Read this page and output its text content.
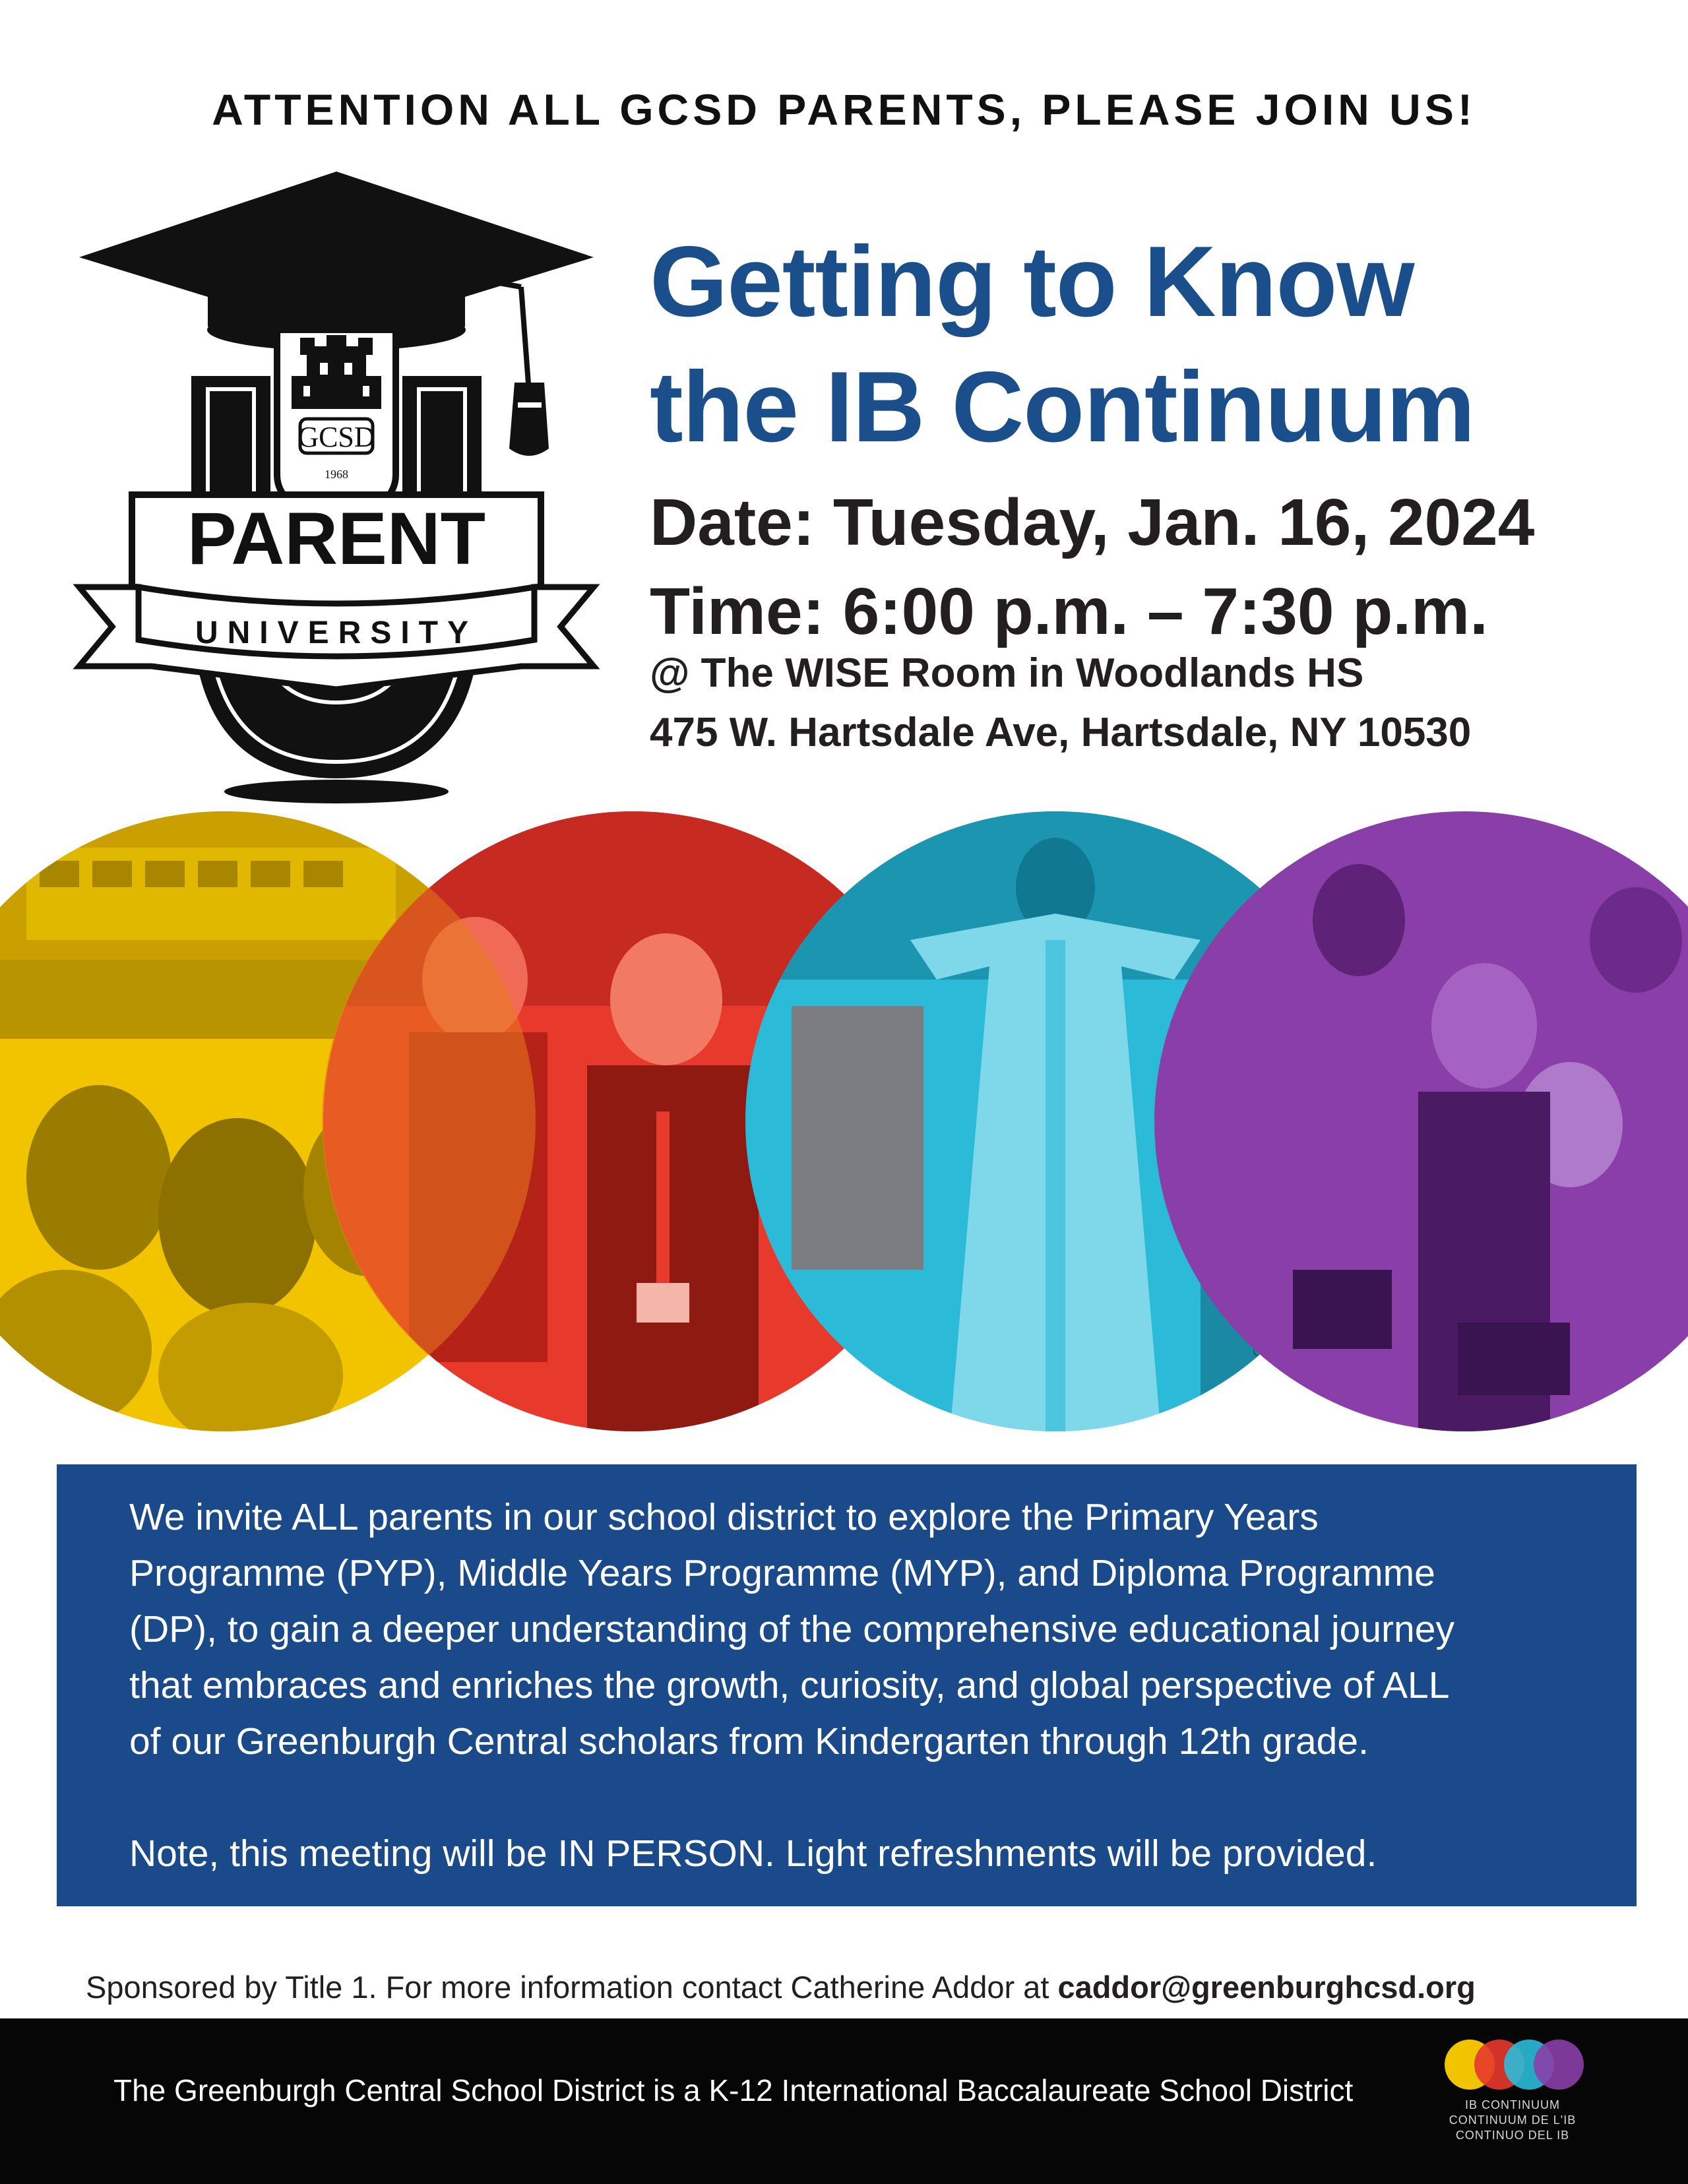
ATTENTION ALL GCSD PARENTS, PLEASE JOIN US!
GCSD
1968
PARENT
UNIVERSITY
Getting to Know
the IB Continuum
Date: Tuesday, Jan. 16, 2024
Time: 6:00 p.m. – 7:30 p.m.
@ The WISE Room in Woodlands HS
475 W. Hartsdale Ave, Hartsdale, NY 10530

We invite ALL parents in our school district to explore the Primary Years
Programme (PYP), Middle Years Programme (MYP), and Diploma Programme
(DP), to gain a deeper understanding of the comprehensive educational journey
that embraces and enriches the growth, curiosity, and global perspective of ALL
of our Greenburgh Central scholars from Kindergarten through 12th grade.

Note, this meeting will be IN PERSON. Light refreshments will be provided.

Sponsored by Title 1. For more information contact Catherine Addor at caddor@greenburghcsd.org
The Greenburgh Central School District is a K-12 International Baccalaureate School District	IB CONTINUUM
CONTINUUM DE L'IB
CONTINUO DEL IB
